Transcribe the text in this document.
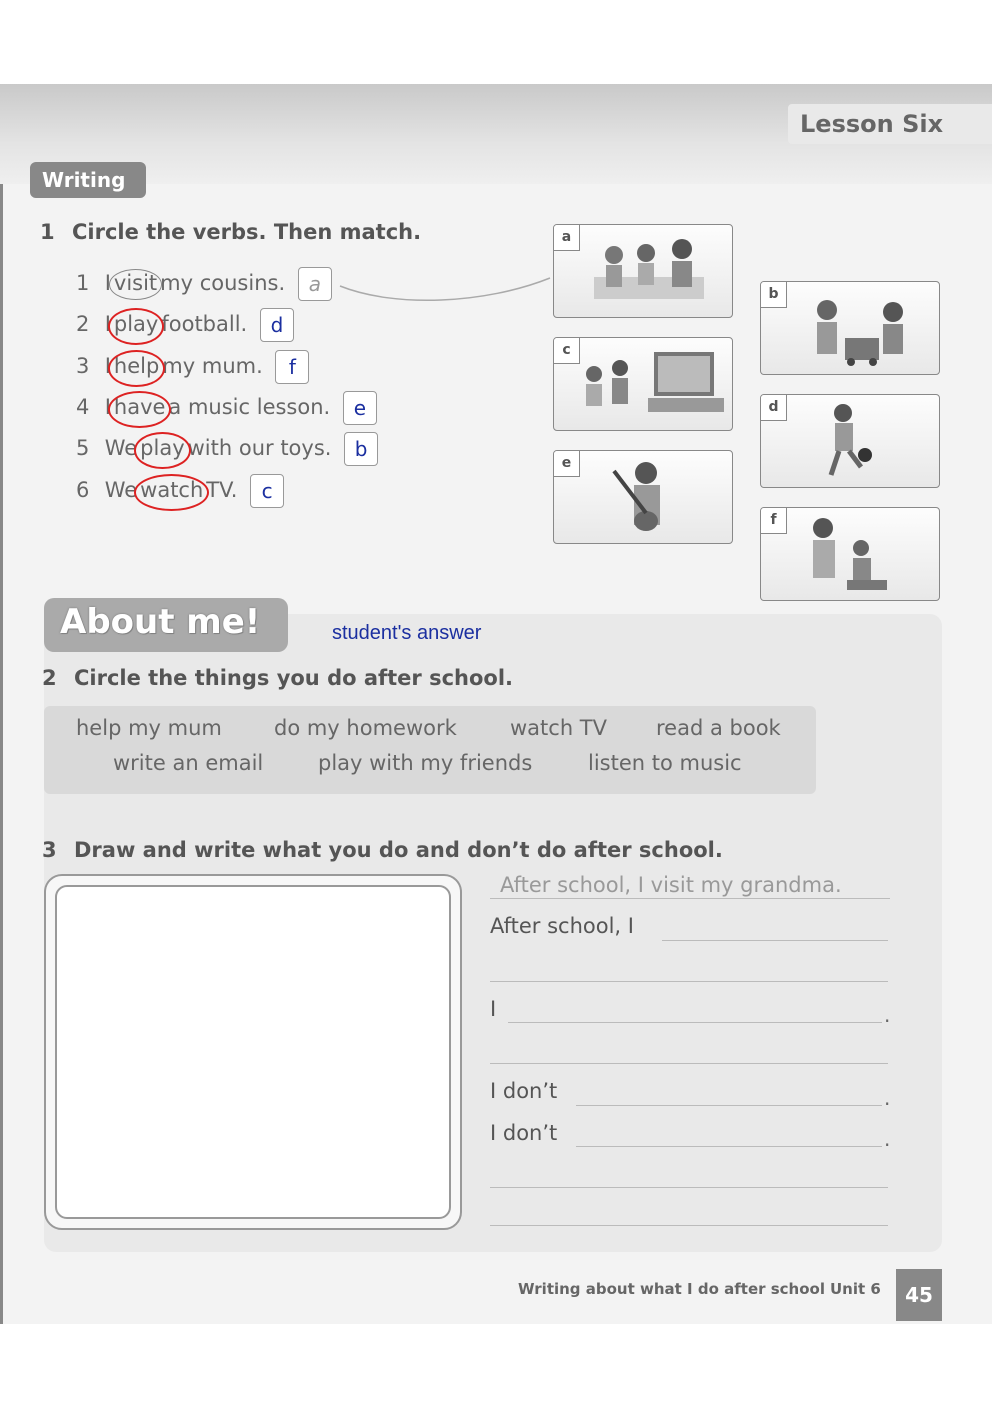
Lesson Six
Writing
1 Circle the verbs. Then match.
1 I visit my cousins. a
2 I play football. d
3 I help my mum. f
4 I have a music lesson. e
5 We play with our toys. b
6 We watch TV. c
a
b
c
d
e
f
About me!	student's answer
2 Circle the things you do after school.
help my mum do my homework	watch TV read a book
write an email	play with my friends	listen to music
3 Draw and write what you do and don’t do after school.
After school, I visit my grandma.
After school, I
I	.
I don’t	.
I don’t	.
Writing about what I do after school Unit 6	45
